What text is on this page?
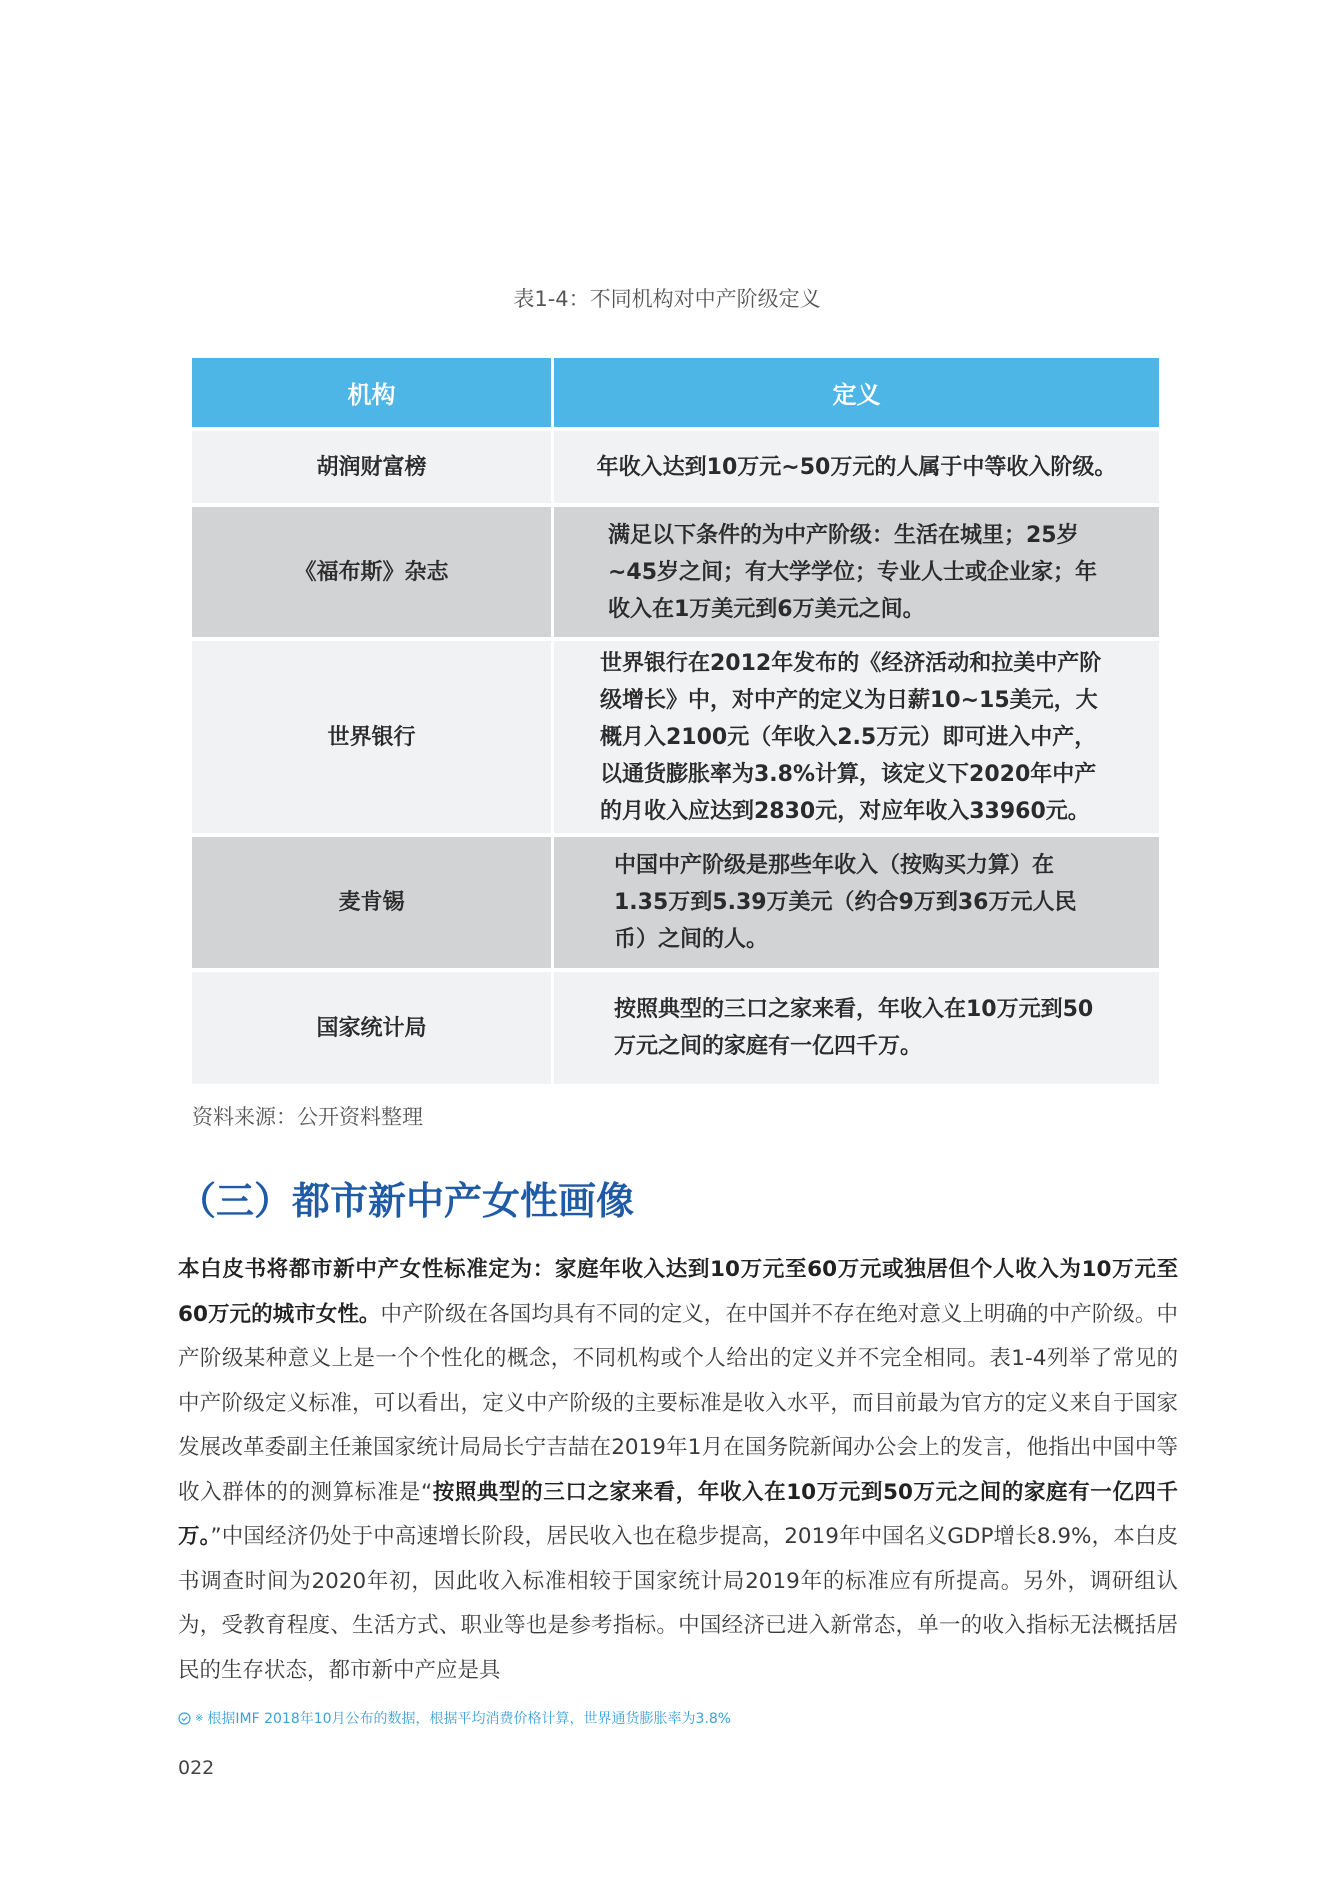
表1-4：不同机构对中产阶级定义
机构	定义
胡润财富榜	年收入达到10万元~50万元的人属于中等收入阶级。
《福布斯》杂志	满足以下条件的为中产阶级：生活在城里；25岁~45岁之间；有大学学位；专业人士或企业家；年收入在1万美元到6万美元之间。
世界银行	世界银行在2012年发布的《经济活动和拉美中产阶级增长》中，对中产的定义为日薪10~15美元，大概月入2100元（年收入2.5万元）即可进入中产，以通货膨胀率为3.8%计算，该定义下2020年中产的月收入应达到2830元，对应年收入33960元。
麦肯锡	中国中产阶级是那些年收入（按购买力算）在1.35万到5.39万美元（约合9万到36万元人民币）之间的人。
国家统计局	按照典型的三口之家来看，年收入在10万元到50万元之间的家庭有一亿四千万。
资料来源：公开资料整理
（三）都市新中产女性画像
本白皮书将都市新中产女性标准定为：家庭年收入达到10万元至60万元或独居但个人收入为10万元至60万元的城市女性。中产阶级在各国均具有不同的定义，在中国并不存在绝对意义上明确的中产阶级。中产阶级某种意义上是一个个性化的概念，不同机构或个人给出的定义并不完全相同。表1-4列举了常见的中产阶级定义标准，可以看出，定义中产阶级的主要标准是收入水平，而目前最为官方的定义来自于国家发展改革委副主任兼国家统计局局长宁吉喆在2019年1月在国务院新闻办公会上的发言，他指出中国中等收入群体的的测算标准是“按照典型的三口之家来看，年收入在10万元到50万元之间的家庭有一亿四千万。”中国经济仍处于中高速增长阶段，居民收入也在稳步提高，2019年中国名义GDP增长8.9%，本白皮书调查时间为2020年初，因此收入标准相较于国家统计局2019年的标准应有所提高。另外，调研组认为，受教育程度、生活方式、职业等也是参考指标。中国经济已进入新常态，单一的收入指标无法概括居民的生存状态，都市新中产应是具
※ 根据IMF 2018年10月公布的数据，根据平均消费价格计算，世界通货膨胀率为3.8%
022
